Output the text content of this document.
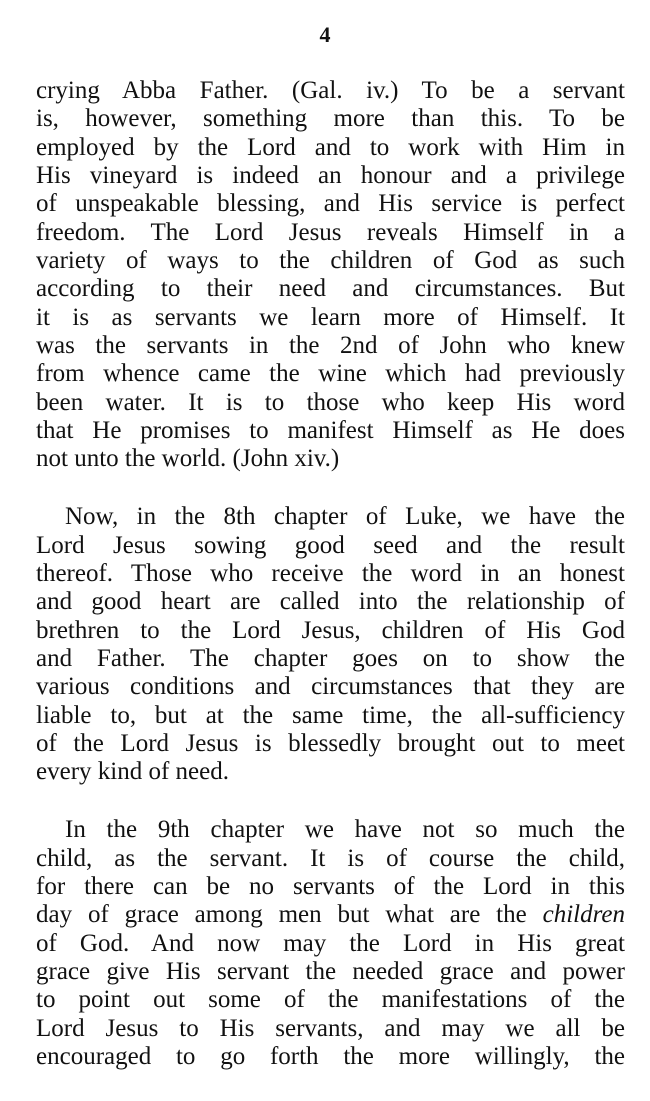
4
crying Abba Father. (Gal. iv.) To be a servant
is, however, something more than this. To be
employed by the Lord and to work with Him in
His vineyard is indeed an honour and a privilege
of unspeakable blessing, and His service is perfect
freedom. The Lord Jesus reveals Himself in a
variety of ways to the children of God as such
according to their need and circumstances. But
it is as servants we learn more of Himself. It
was the servants in the 2nd of John who knew
from whence came the wine which had previously
been water. It is to those who keep His word
that He promises to manifest Himself as He does
not unto the world. (John xiv.)
Now, in the 8th chapter of Luke, we have the
Lord Jesus sowing good seed and the result
thereof. Those who receive the word in an honest
and good heart are called into the relationship of
brethren to the Lord Jesus, children of His God
and Father. The chapter goes on to show the
various conditions and circumstances that they are
liable to, but at the same time, the all-sufficiency
of the Lord Jesus is blessedly brought out to meet
every kind of need.
In the 9th chapter we have not so much the
child, as the servant. It is of course the child,
for there can be no servants of the Lord in this
day of grace among men but what are the children
of God. And now may the Lord in His great
grace give His servant the needed grace and power
to point out some of the manifestations of the
Lord Jesus to His servants, and may we all be
encouraged to go forth the more willingly, the
